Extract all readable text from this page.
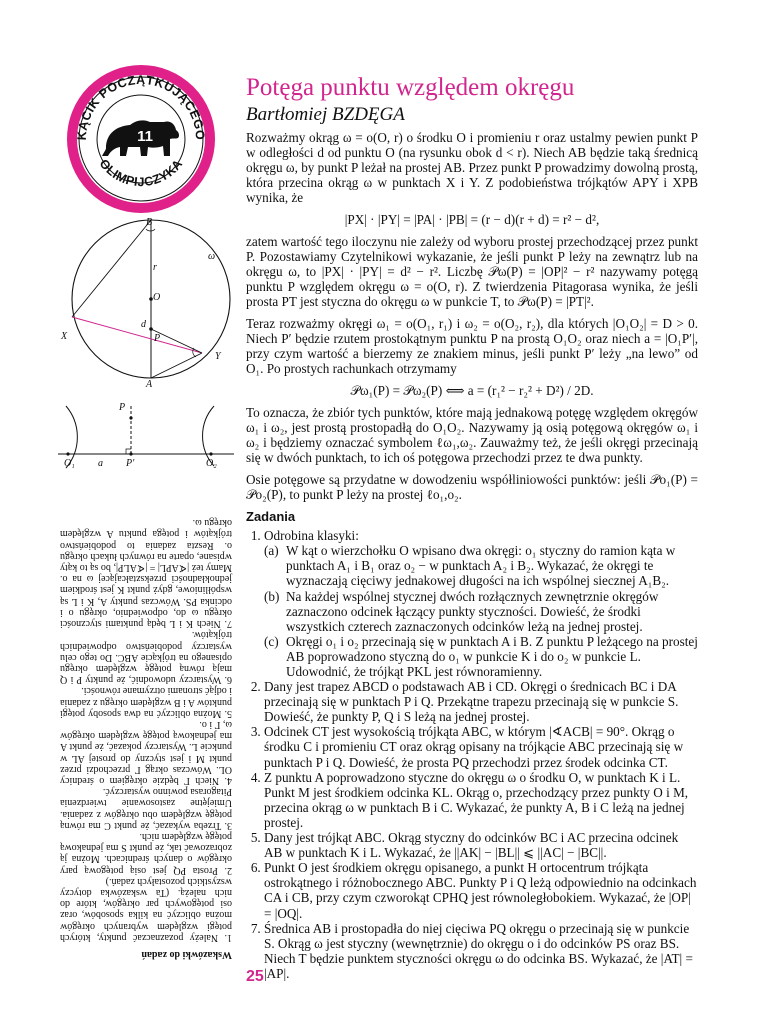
Potęga punktu względem okręgu
Bartłomiej BZDĘGA
KĄCIK POCZĄTKUJĄCEGO
OLIMPIJCZYKA
11
B
A
O
P
X
Y
r
d
ω
P
O₁ a P'	O₂
Wskazówki do zadań

1. Należy pozaznaczać punkty, których potęgi względem wybranych okręgów można obliczyć na kilka sposobów, oraz osi potęgowych par okręgów, które do nich należą. (Ta wskazówka dotyczy wszystkich pozostałych zadań.)

2. Prosta PQ jest osią potęgową pary okręgów o danych średnicach. Można ją zobrazować tak, że punkt S ma jednakową potęgę względem nich.

3. Trzeba wykazać, że punkt C ma równą potęgę względem obu okręgów z zadania. Umiejętne zastosowanie twierdzenia Pitagorasa powinno wystarczyć.

4. Niech Γ będzie okręgiem o średnicy OL. Wówczas okrąg Γ przechodzi przez punkt M i jest styczny do prostej AL w punkcie L. Wystarczy pokazać, że punkt A ma jednakową potęgę względem okręgów ω, Γ i o.

5. Można obliczyć na dwa sposoby potęgi punktów A i B względem okręgu z zadania i odjąć stronami otrzymane równości.

6. Wystarczy udowodnić, że punkty P i Q mają równą potęgę względem okręgu opisanego na trójkącie ABC. Do tego celu wystarczy podobieństwo odpowiednich trójkątów.

7. Niech K i L będą punktami styczności okręgu ω do, odpowiednio, okręgu o i odcinka PS. Wówczas punkty A, K i L są współliniowe, gdyż punkt K jest środkiem jednokładności przekształcającej ω na o. Mamy też |∢APL| = |∢ALP|, bo są to kąty wpisane, oparte na równych łukach okręgu o. Reszta zadania to podobieństwo trójkątów i potęga punktu A względem okręgu ω.

Rozważmy okrąg ω = o(O, r) o środku O i promieniu r oraz ustalmy pewien punkt P w odległości d od punktu O (na rysunku obok d < r). Niech AB będzie taką średnicą okręgu ω, by punkt P leżał na prostej AB. Przez punkt P prowadzimy dowolną prostą, która przecina okrąg ω w punktach X i Y. Z podobieństwa trójkątów APY i XPB wynika, że

|PX| · |PY| = |PA| · |PB| = (r − d)(r + d) = r² − d²,

zatem wartość tego iloczynu nie zależy od wyboru prostej przechodzącej przez punkt P. Pozostawiamy Czytelnikowi wykazanie, że jeśli punkt P leży na zewnątrz lub na okręgu ω, to |PX| · |PY| = d² − r². Liczbę 𝒫ω(P) = |OP|² − r² nazywamy potęgą punktu P względem okręgu ω = o(O, r). Z twierdzenia Pitagorasa wynika, że jeśli prosta PT jest styczna do okręgu ω w punkcie T, to 𝒫ω(P) = |PT|².

Teraz rozważmy okręgi ω₁ = o(O₁, r₁) i ω₂ = o(O₂, r₂), dla których |O₁O₂| = D > 0. Niech P′ będzie rzutem prostokątnym punktu P na prostą O₁O₂ oraz niech a = |O₁P′|, przy czym wartość a bierzemy ze znakiem minus, jeśli punkt P′ leży „na lewo” od O₁. Po prostych rachunkach otrzymamy

𝒫ω₁(P) = 𝒫ω₂(P) ⟺ a = (r₁² − r₂² + D²) / 2D.

To oznacza, że zbiór tych punktów, które mają jednakową potęgę względem okręgów ω₁ i ω₂, jest prostą prostopadłą do O₁O₂. Nazywamy ją osią potęgową okręgów ω₁ i ω₂ i będziemy oznaczać symbolem ℓω₁,ω₂. Zauważmy też, że jeśli okręgi przecinają się w dwóch punktach, to ich oś potęgowa przechodzi przez te dwa punkty.

Osie potęgowe są przydatne w dowodzeniu współliniowości punktów: jeśli 𝒫o₁(P) = 𝒫o₂(P), to punkt P leży na prostej ℓo₁,o₂.

Zadania
1. Odrobina klasyki:
(a) W kąt o wierzchołku O wpisano dwa okręgi: o₁ styczny do ramion kąta w punktach A₁ i B₁ oraz o₂ − w punktach A₂ i B₂. Wykazać, że okręgi te wyznaczają cięciwy jednakowej długości na ich wspólnej siecznej A₁B₂.
(b) Na każdej wspólnej stycznej dwóch rozłącznych zewnętrznie okręgów zaznaczono odcinek łączący punkty styczności. Dowieść, że środki wszystkich czterech zaznaczonych odcinków leżą na jednej prostej.
(c) Okręgi o₁ i o₂ przecinają się w punktach A i B. Z punktu P leżącego na prostej AB poprowadzono styczną do o₁ w punkcie K i do o₂ w punkcie L. Udowodnić, że trójkąt PKL jest równoramienny.
2. Dany jest trapez ABCD o podstawach AB i CD. Okręgi o średnicach BC i DA przecinają się w punktach P i Q. Przekątne trapezu przecinają się w punkcie S. Dowieść, że punkty P, Q i S leżą na jednej prostej.
3. Odcinek CT jest wysokością trójkąta ABC, w którym |∢ACB| = 90°. Okrąg o środku C i promieniu CT oraz okrąg opisany na trójkącie ABC przecinają się w punktach P i Q. Dowieść, że prosta PQ przechodzi przez środek odcinka CT.
4. Z punktu A poprowadzono styczne do okręgu ω o środku O, w punktach K i L. Punkt M jest środkiem odcinka KL. Okrąg o, przechodzący przez punkty O i M, przecina okrąg ω w punktach B i C. Wykazać, że punkty A, B i C leżą na jednej prostej.
5. Dany jest trójkąt ABC. Okrąg styczny do odcinków BC i AC przecina odcinek AB w punktach K i L. Wykazać, że ||AK| − |BL|| ⩽ ||AC| − |BC||.
6. Punkt O jest środkiem okręgu opisanego, a punkt H ortocentrum trójkąta ostrokątnego i różnobocznego ABC. Punkty P i Q leżą odpowiednio na odcinkach CA i CB, przy czym czworokąt CPHQ jest równoległobokiem. Wykazać, że |OP| = |OQ|.
7. Średnica AB i prostopadła do niej cięciwa PQ okręgu o przecinają się w punkcie S. Okrąg ω jest styczny (wewnętrznie) do okręgu o i do odcinków PS oraz BS. Niech T będzie punktem styczności okręgu ω do odcinka BS. Wykazać, że |AT| = |AP|.
25
